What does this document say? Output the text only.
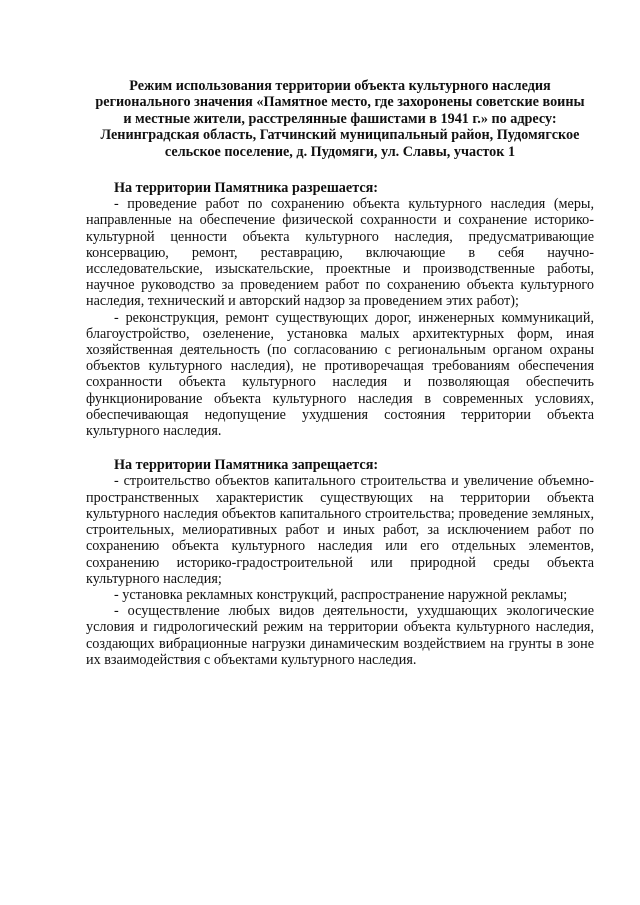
Режим использования территории объекта культурного наследия
регионального значения «Памятное место, где захоронены советские воины
и местные жители, расстрелянные фашистами в 1941 г.» по адресу:
Ленинградская область, Гатчинский муниципальный район, Пудомягское
сельское поселение, д. Пудомяги, ул. Славы, участок 1

На территории Памятника разрешается:

- проведение работ по сохранению объекта культурного наследия (меры, направленные на обеспечение физической сохранности и сохранение историко-культурной ценности объекта культурного наследия, предусматривающие консервацию, ремонт, реставрацию, включающие в себя научно-исследовательские, изыскательские, проектные и производственные работы, научное руководство за проведением работ по сохранению объекта культурного наследия, технический и авторский надзор за проведением этих работ);

- реконструкция, ремонт существующих дорог, инженерных коммуникаций, благоустройство, озеленение, установка малых архитектурных форм, иная хозяйственная деятельность (по согласованию с региональным органом охраны объектов культурного наследия), не противоречащая требованиям обеспечения сохранности объекта культурного наследия и позволяющая обеспечить функционирование объекта культурного наследия в современных условиях, обеспечивающая недопущение ухудшения состояния территории объекта культурного наследия.

На территории Памятника запрещается:

- строительство объектов капитального строительства и увеличение объемно-пространственных характеристик существующих на территории объекта культурного наследия объектов капитального строительства; проведение земляных, строительных, мелиоративных работ и иных работ, за исключением работ по сохранению объекта культурного наследия или его отдельных элементов, сохранению историко-градостроительной или природной среды объекта культурного наследия;

- установка рекламных конструкций, распространение наружной рекламы;

- осуществление любых видов деятельности, ухудшающих экологические условия и гидрологический режим на территории объекта культурного наследия, создающих вибрационные нагрузки динамическим воздействием на грунты в зоне их взаимодействия с объектами культурного наследия.
